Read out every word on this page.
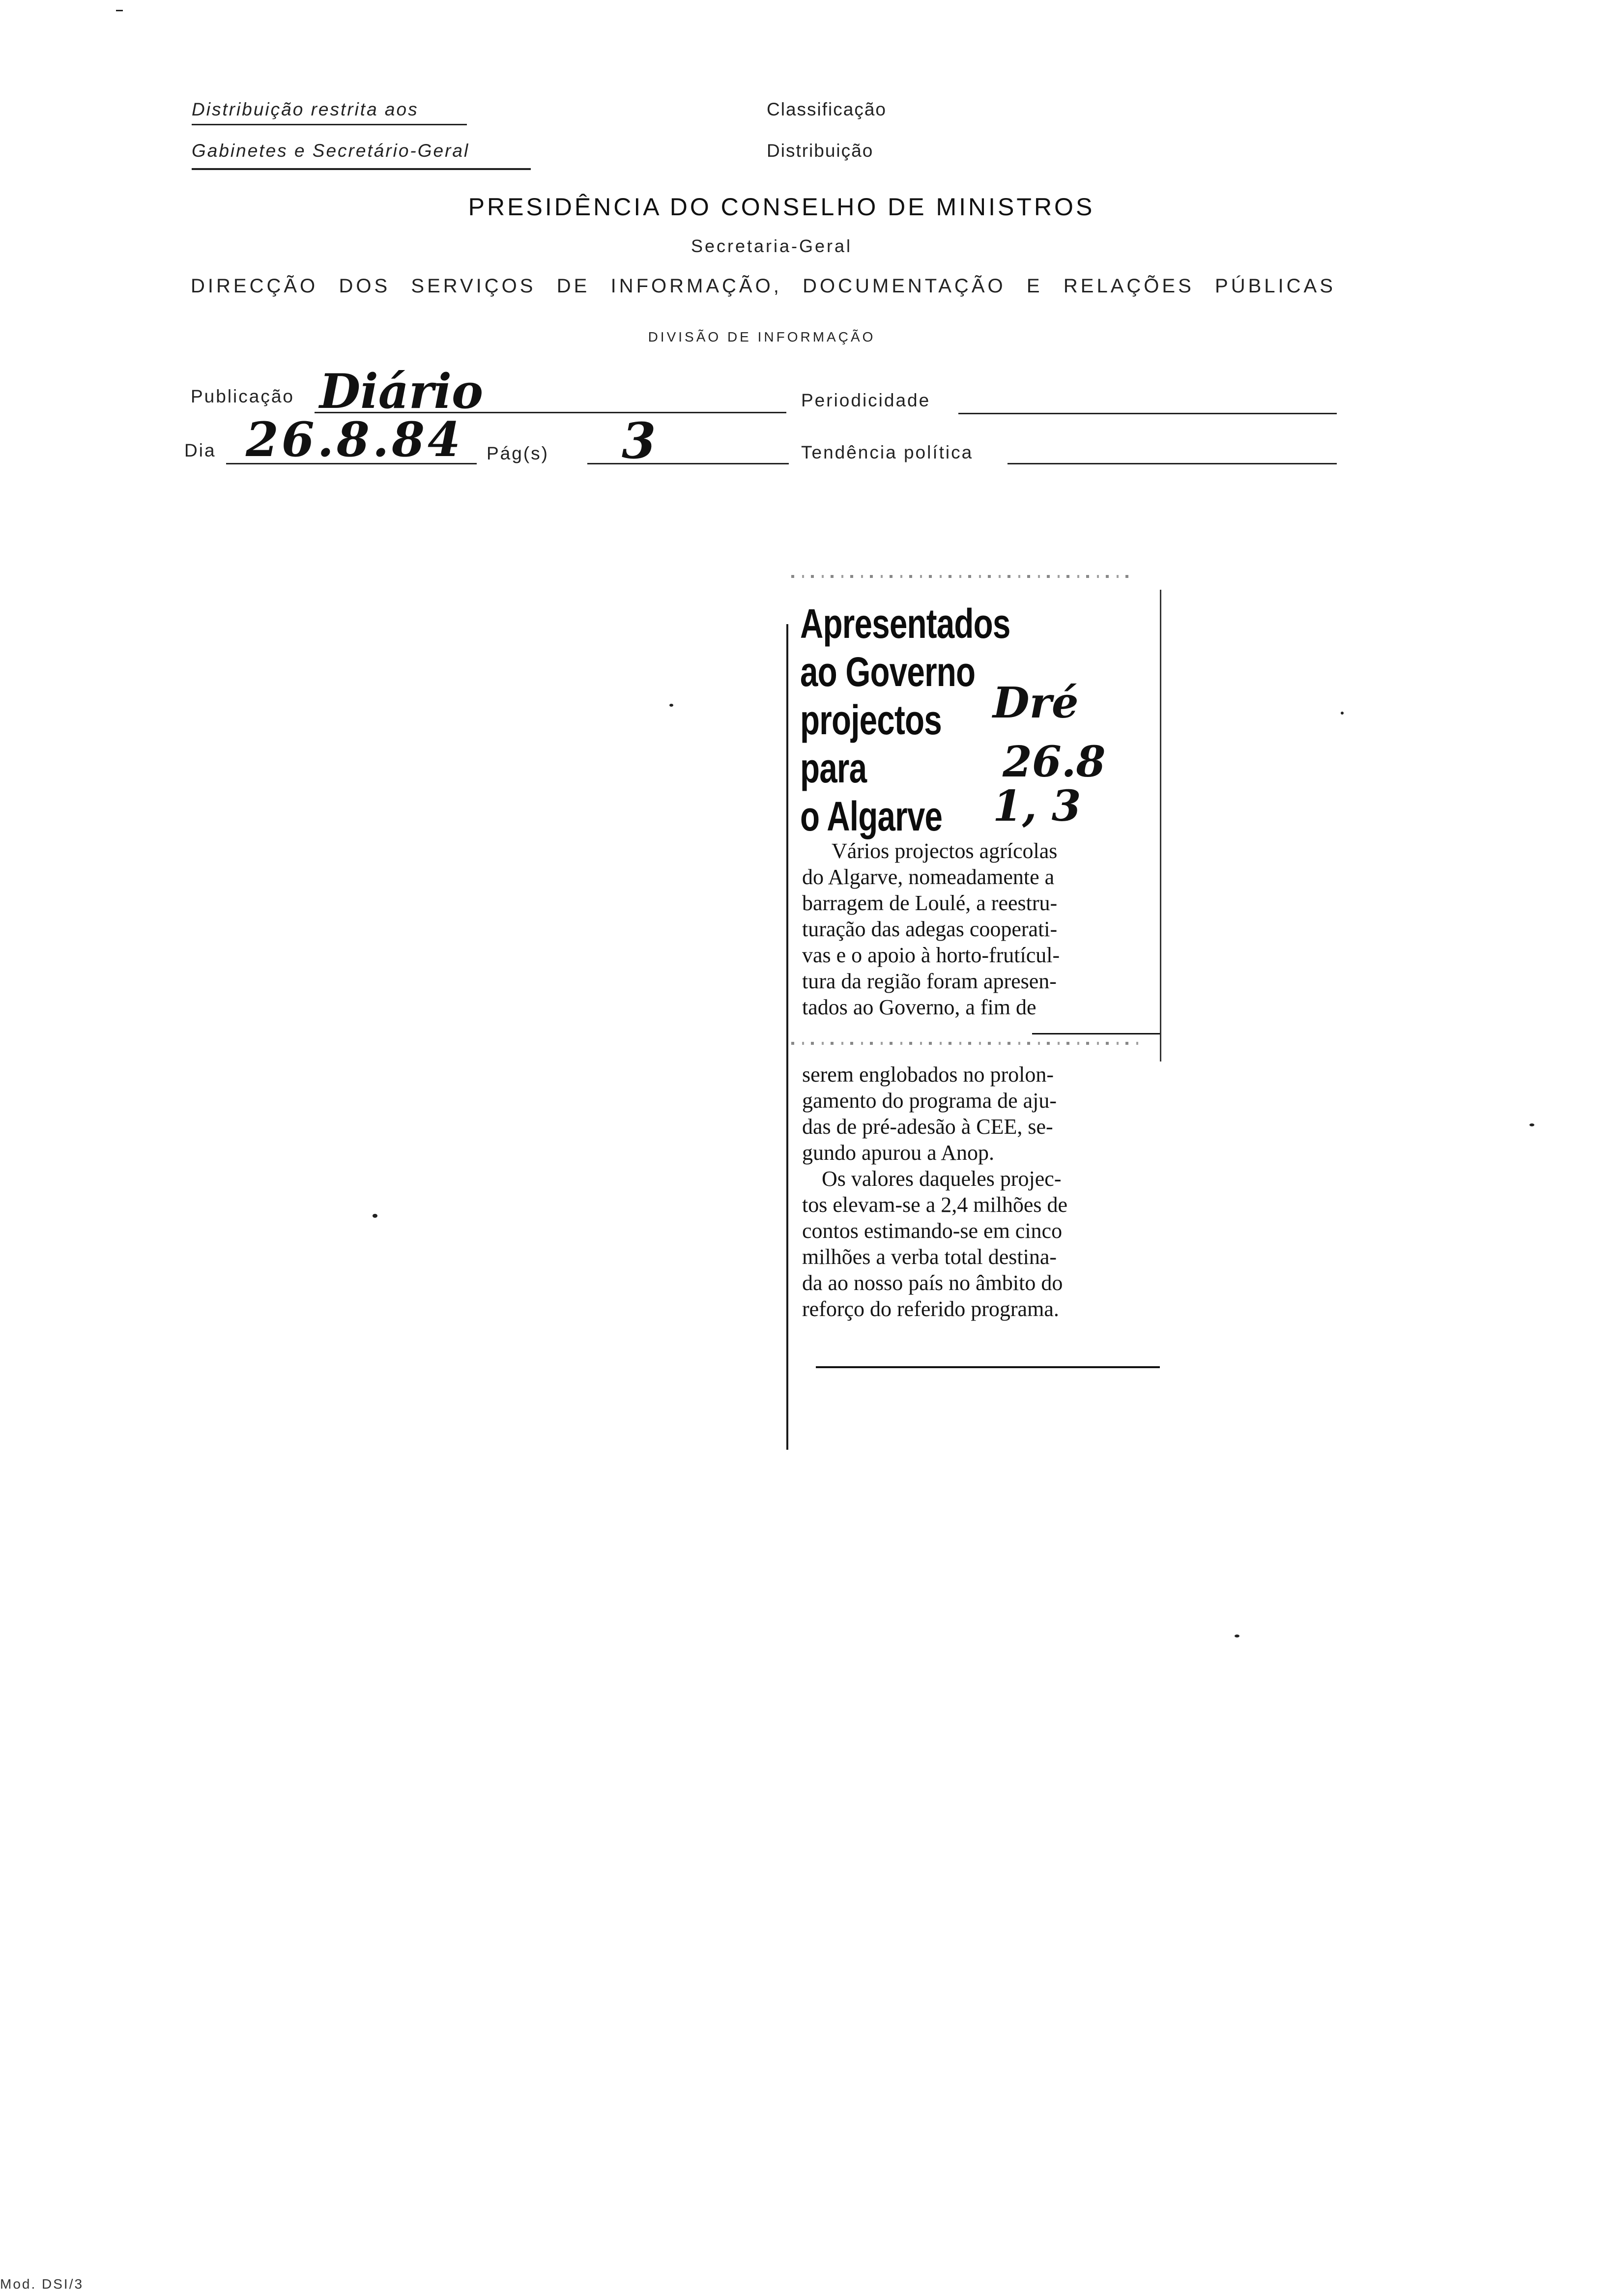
Distribuição restrita aos
Gabinetes e Secretário-Geral
Classificação
Distribuição
PRESIDÊNCIA DO CONSELHO DE MINISTROS
Secretaria-Geral
DIRECÇÃO DOS SERVIÇOS DE INFORMAÇÃO, DOCUMENTAÇÃO E RELAÇÕES PÚBLICAS
DIVISÃO DE INFORMAÇÃO
Publicação Diário	Periodicidade
Dia 26.8.84 Pág(s) 3	Tendência política
Apresentados
ao Governo
projectos
para
o Algarve
Dré
26.8
1, 3
Vários projectos agrícolas
do Algarve, nomeadamente a
barragem de Loulé, a reestru-
turação das adegas cooperati-
vas e o apoio à horto-frutícul-
tura da região foram apresen-
tados ao Governo, a fim de
serem englobados no prolon-
gamento do programa de aju-
das de pré-adesão à CEE, se-
gundo apurou a Anop.
Os valores daqueles projec-
tos elevam-se a 2,4 milhões de
contos estimando-se em cinco
milhões a verba total destina-
da ao nosso país no âmbito do
reforço do referido programa.
Mod. DSI/3
